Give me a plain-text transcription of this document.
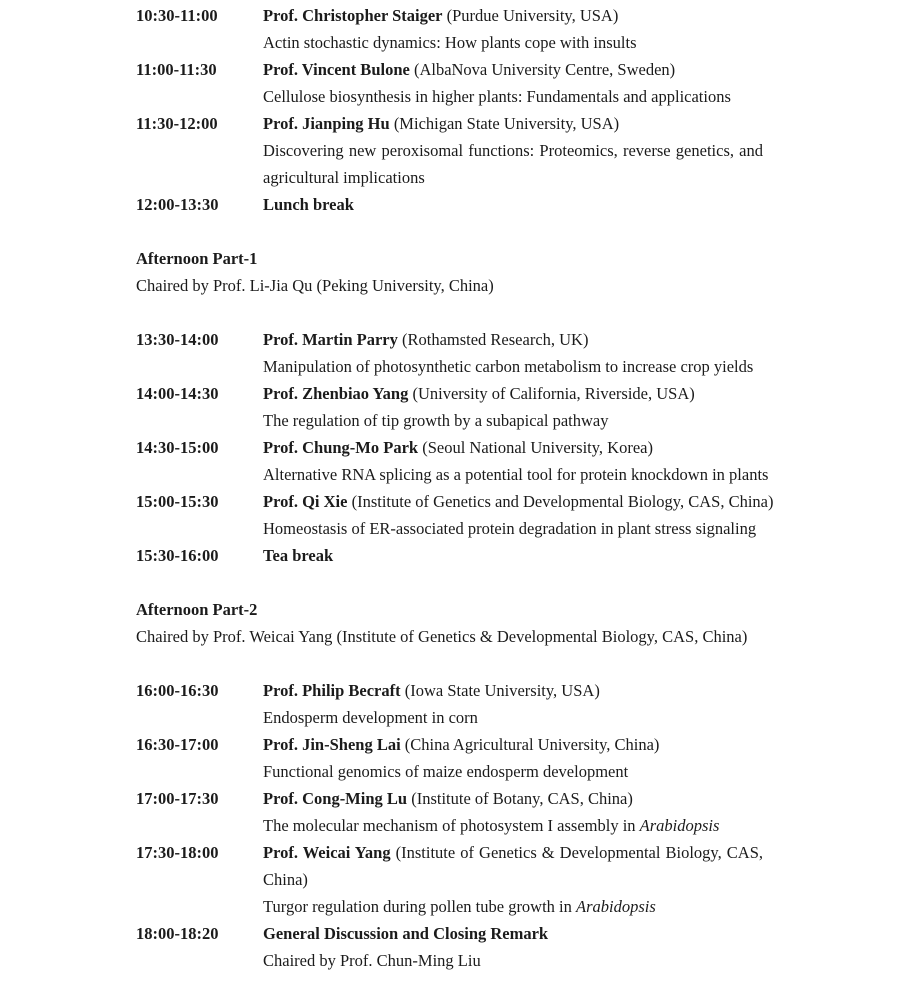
10:30-11:00	Prof. Christopher Staiger (Purdue University, USA)
Actin stochastic dynamics: How plants cope with insults
11:00-11:30	Prof. Vincent Bulone (AlbaNova University Centre, Sweden)
Cellulose biosynthesis in higher plants: Fundamentals and applications
11:30-12:00	Prof. Jianping Hu (Michigan State University, USA)
Discovering new peroxisomal functions: Proteomics, reverse genetics, and
agricultural implications
12:00-13:30	Lunch break
Afternoon Part-1
Chaired by Prof. Li-Jia Qu (Peking University, China)
13:30-14:00	Prof. Martin Parry (Rothamsted Research, UK)
Manipulation of photosynthetic carbon metabolism to increase crop yields
14:00-14:30	Prof. Zhenbiao Yang (University of California, Riverside, USA)
The regulation of tip growth by a subapical pathway
14:30-15:00	Prof. Chung-Mo Park (Seoul National University, Korea)
Alternative RNA splicing as a potential tool for protein knockdown in plants
15:00-15:30	Prof. Qi Xie (Institute of Genetics and Developmental Biology, CAS, China)
Homeostasis of ER-associated protein degradation in plant stress signaling
15:30-16:00	Tea break
Afternoon Part-2
Chaired by Prof. Weicai Yang (Institute of Genetics & Developmental Biology, CAS, China)
16:00-16:30	Prof. Philip Becraft (Iowa State University, USA)
Endosperm development in corn
16:30-17:00	Prof. Jin-Sheng Lai (China Agricultural University, China)
Functional genomics of maize endosperm development
17:00-17:30	Prof. Cong-Ming Lu (Institute of Botany, CAS, China)
The molecular mechanism of photosystem I assembly in Arabidopsis
17:30-18:00	Prof. Weicai Yang (Institute of Genetics & Developmental Biology, CAS,
China)
Turgor regulation during pollen tube growth in Arabidopsis
18:00-18:20	General Discussion and Closing Remark
Chaired by Prof. Chun-Ming Liu
